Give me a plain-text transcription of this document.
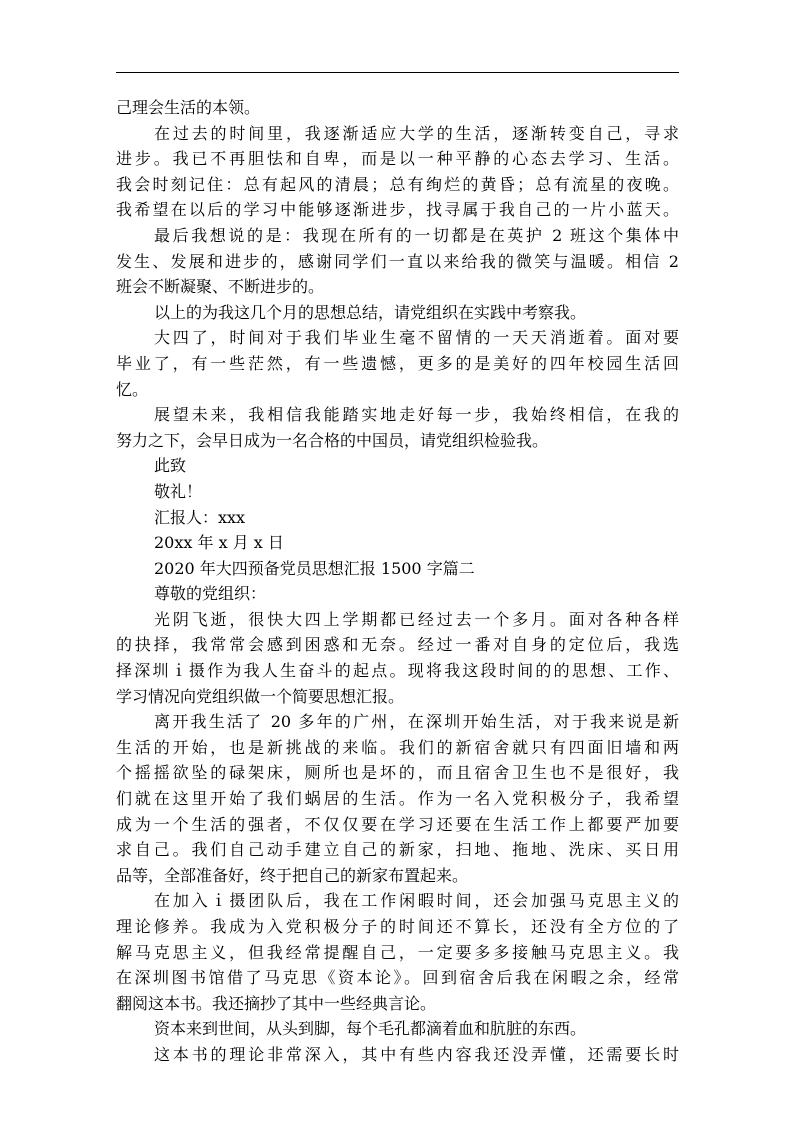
己理会生活的本领。
在过去的时间里，我逐渐适应大学的生活，逐渐转变自己，寻求
进步。我已不再胆怯和自卑，而是以一种平静的心态去学习、生活。
我会时刻记住：总有起风的清晨；总有绚烂的黄昏；总有流星的夜晚。
我希望在以后的学习中能够逐渐进步，找寻属于我自己的一片小蓝天。
最后我想说的是：我现在所有的一切都是在英护 2 班这个集体中
发生、发展和进步的，感谢同学们一直以来给我的微笑与温暖。相信 2
班会不断凝聚、不断进步的。
以上的为我这几个月的思想总结，请党组织在实践中考察我。
大四了，时间对于我们毕业生毫不留情的一天天消逝着。面对要
毕业了，有一些茫然，有一些遗憾，更多的是美好的四年校园生活回
忆。
展望未来，我相信我能踏实地走好每一步，我始终相信，在我的
努力之下，会早日成为一名合格的中国员，请党组织检验我。
此致
敬礼！
汇报人：xxx
20xx 年 x 月 x 日
2020 年大四预备党员思想汇报 1500 字篇二
尊敬的党组织：
光阴飞逝，很快大四上学期都已经过去一个多月。面对各种各样
的抉择，我常常会感到困惑和无奈。经过一番对自身的定位后，我选
择深圳ｉ摄作为我人生奋斗的起点。现将我这段时间的的思想、工作、
学习情况向党组织做一个简要思想汇报。
离开我生活了 20 多年的广州，在深圳开始生活，对于我来说是新
生活的开始，也是新挑战的来临。我们的新宿舍就只有四面旧墙和两
个摇摇欲坠的碌架床，厕所也是坏的，而且宿舍卫生也不是很好，我
们就在这里开始了我们蜗居的生活。作为一名入党积极分子，我希望
成为一个生活的强者，不仅仅要在学习还要在生活工作上都要严加要
求自己。我们自己动手建立自己的新家，扫地、拖地、洗床、买日用
品等，全部准备好，终于把自己的新家布置起来。
在加入ｉ摄团队后，我在工作闲暇时间，还会加强马克思主义的
理论修养。我成为入党积极分子的时间还不算长，还没有全方位的了
解马克思主义，但我经常提醒自己，一定要多多接触马克思主义。我
在深圳图书馆借了马克思《资本论》。回到宿舍后我在闲暇之余，经常
翻阅这本书。我还摘抄了其中一些经典言论。
资本来到世间，从头到脚，每个毛孔都滴着血和肮脏的东西。
这本书的理论非常深入，其中有些内容我还没弄懂，还需要长时
